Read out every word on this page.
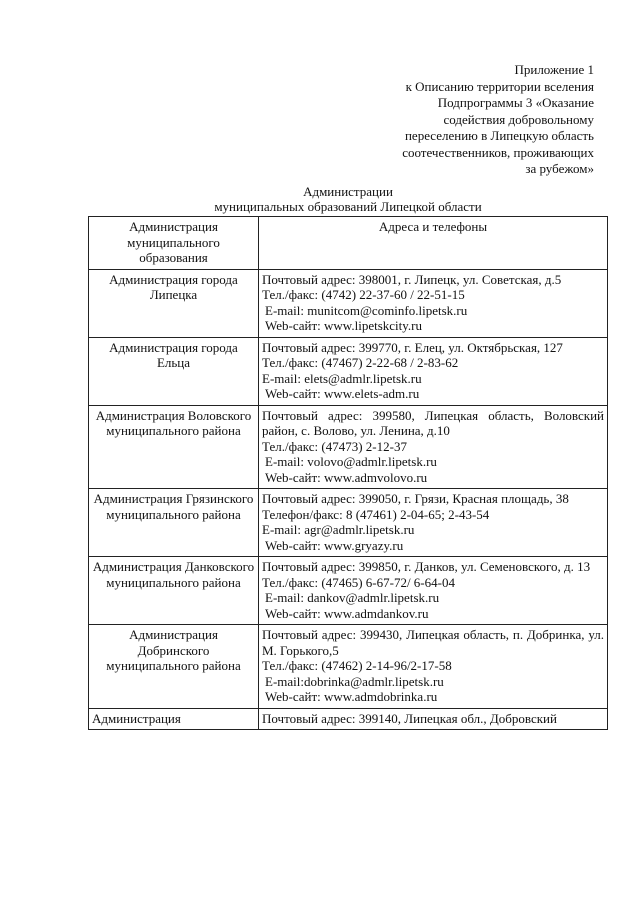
Приложение 1
к Описанию территории вселения
Подпрограммы 3 «Оказание
содействия добровольному
переселению в Липецкую область
соотечественников, проживающих
за рубежом»
Администрации
муниципальных образований Липецкой области
Администрация муниципального образования	Адреса и телефоны
Администрация города Липецка	Почтовый адрес: 398001, г. Липецк, ул. Советская, д.5
Тел./факс: (4742) 22-37-60 / 22-51-15
E-mail: munitcom@cominfo.lipetsk.ru
Web-сайт: www.lipetskcity.ru

Администрация города Ельца	Почтовый адрес: 399770, г. Елец, ул. Октябрьская, 127
Тел./факс: (47467) 2-22-68 / 2-83-62
E-mail: elets@admlr.lipetsk.ru
Web-сайт: www.elets-adm.ru

Администрация Воловского муниципального района	Почтовый адрес: 399580, Липецкая область, Воловский район, с. Волово, ул. Ленина, д.10
Тел./факс: (47473) 2-12-37
E-mail: volovo@admlr.lipetsk.ru
Web-сайт: www.admvolovo.ru

Администрация Грязинского муниципального района	Почтовый адрес: 399050, г. Грязи, Красная площадь, 38
Телефон/факс: 8 (47461) 2-04-65; 2-43-54
E-mail: agr@admlr.lipetsk.ru
Web-сайт: www.gryazy.ru

Администрация Данковского муниципального района	Почтовый адрес: 399850, г. Данков, ул. Семеновского, д. 13
Тел./факс: (47465) 6-67-72/ 6-64-04
E-mail: dankov@admlr.lipetsk.ru
Web-сайт: www.admdankov.ru

Администрация Добринского муниципального района	Почтовый адрес: 399430, Липецкая область, п. Добринка, ул. М. Горького,5
Тел./факс: (47462) 2-14-96/2-17-58
E-mail:dobrinka@admlr.lipetsk.ru
Web-сайт: www.admdobrinka.ru

Администрация	Почтовый адрес: 399140, Липецкая обл., Добровский
